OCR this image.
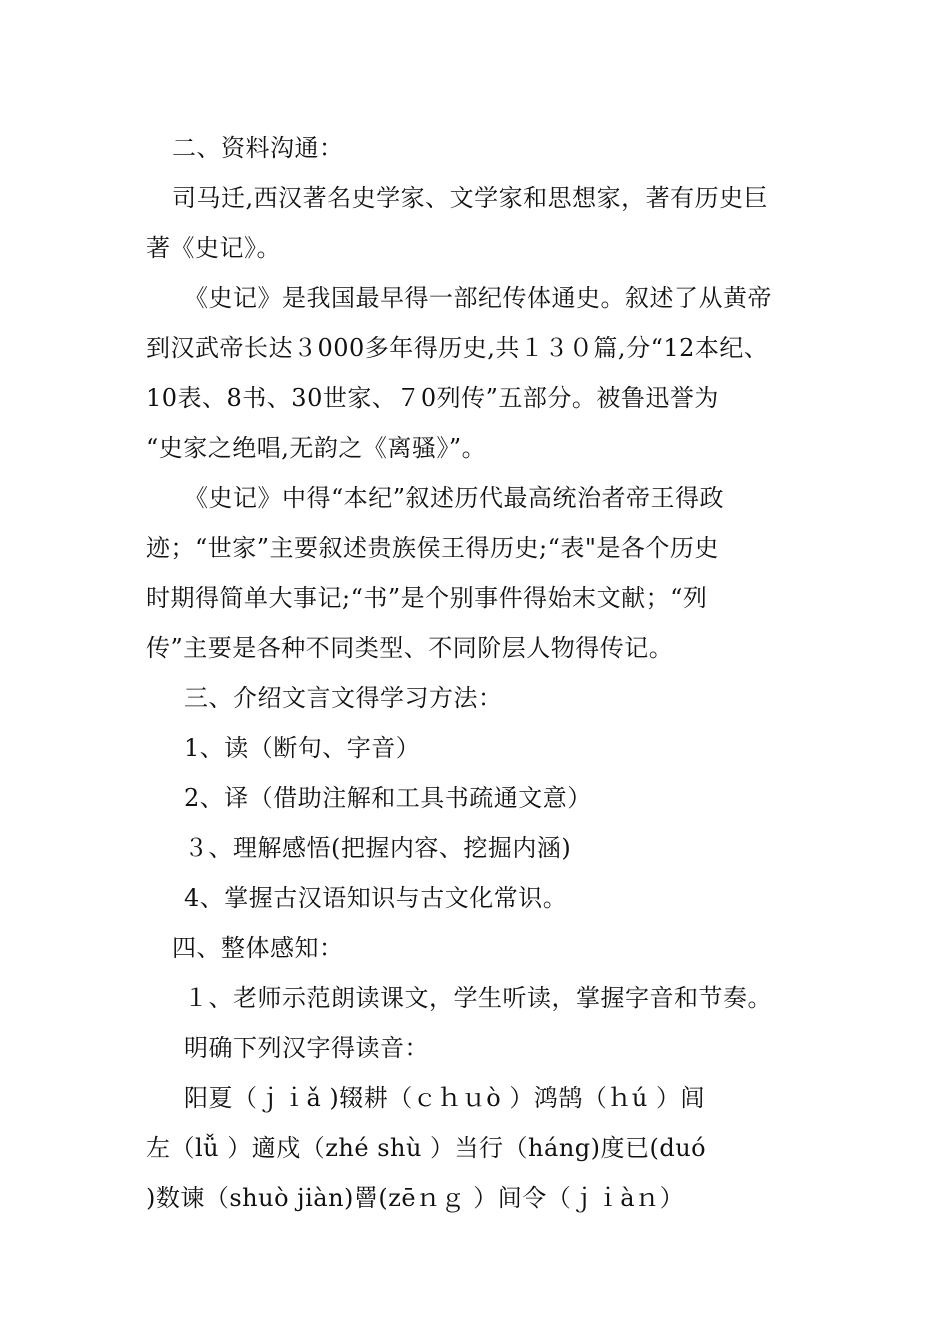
二、资料沟通：
司马迁,西汉著名史学家、文学家和思想家，著有历史巨
著《史记》。
《史记》是我国最早得一部纪传体通史。叙述了从黄帝
到汉武帝长达３000多年得历史,共１３０篇,分“12本纪、
10表、8书、30世家、７0列传”五部分。被鲁迅誉为
“史家之绝唱,无韵之《离骚》”。
《史记》中得“本纪”叙述历代最高统治者帝王得政
迹；“世家”主要叙述贵族侯王得历史;“表"是各个历史
时期得简单大事记;“书”是个别事件得始末文献；“列
传”主要是各种不同类型、不同阶层人物得传记。
三、介绍文言文得学习方法：
1、读（断句、字音）
2、译（借助注解和工具书疏通文意）
３、理解感悟(把握内容、挖掘内涵)
4、掌握古汉语知识与古文化常识。
四、整体感知：
１、老师示范朗读课文，学生听读，掌握字音和节奏。
明确下列汉字得读音：
阳夏（ｊｉǎ )辍耕（ｃｈｕò ）鸿鹄（ｈú ）闾
左（lǚ ）適戍（zhé shù ）当行（háng)度已(duó
)数谏（shuò jiàn)罾(zēｎｇ ）间令（ｊｉàｎ）
